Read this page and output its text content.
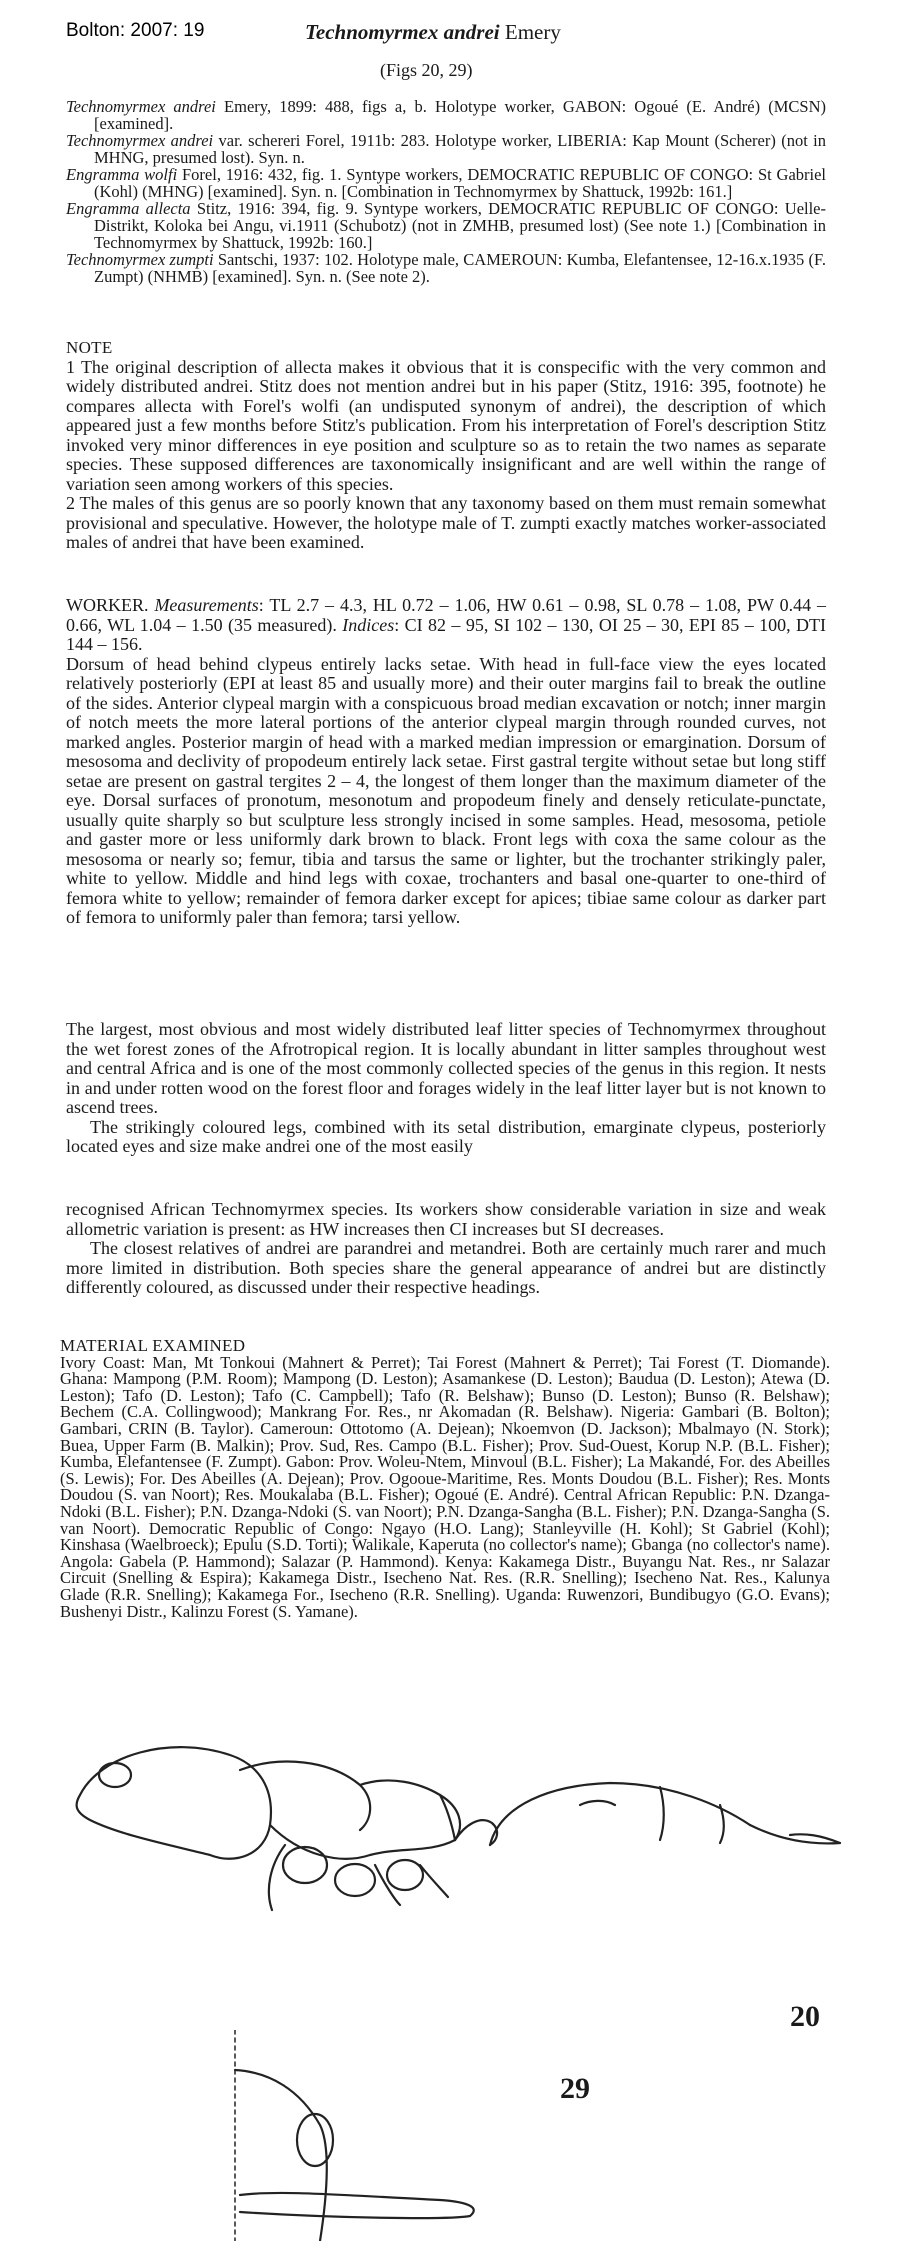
Bolton: 2007: 19	Technomyrmex andrei Emery
(Figs 20, 29)

Technomyrmex andrei Emery, 1899: 488, figs a, b. Holotype worker, GABON: Ogoué (E. André) (MCSN) [examined].

Technomyrmex andrei var. schereri Forel, 1911b: 283. Holotype worker, LIBERIA: Kap Mount (Scherer) (not in MHNG, presumed lost). Syn. n.

Engramma wolfi Forel, 1916: 432, fig. 1. Syntype workers, DEMOCRATIC REPUBLIC OF CONGO: St Gabriel (Kohl) (MHNG) [examined]. Syn. n. [Combination in Technomyrmex by Shattuck, 1992b: 161.]

Engramma allecta Stitz, 1916: 394, fig. 9. Syntype workers, DEMOCRATIC REPUBLIC OF CONGO: Uelle-Distrikt, Koloka bei Angu, vi.1911 (Schubotz) (not in ZMHB, presumed lost) (See note 1.) [Combination in Technomyrmex by Shattuck, 1992b: 160.]

Technomyrmex zumpti Santschi, 1937: 102. Holotype male, CAMEROUN: Kumba, Elefantensee, 12-16.x.1935 (F. Zumpt) (NHMB) [examined]. Syn. n. (See note 2).

NOTE

1 The original description of allecta makes it obvious that it is conspecific with the very common and widely distributed andrei. Stitz does not mention andrei but in his paper (Stitz, 1916: 395, footnote) he compares allecta with Forel's wolfi (an undisputed synonym of andrei), the description of which appeared just a few months before Stitz's publication. From his interpretation of Forel's description Stitz invoked very minor differences in eye position and sculpture so as to retain the two names as separate species. These supposed differences are taxonomically insignificant and are well within the range of variation seen among workers of this species.

2 The males of this genus are so poorly known that any taxonomy based on them must remain somewhat provisional and speculative. However, the holotype male of T. zumpti exactly matches worker-associated males of andrei that have been examined.

WORKER. Measurements: TL 2.7 – 4.3, HL 0.72 – 1.06, HW 0.61 – 0.98, SL 0.78 – 1.08, PW 0.44 – 0.66, WL 1.04 – 1.50 (35 measured). Indices: CI 82 – 95, SI 102 – 130, OI 25 – 30, EPI 85 – 100, DTI 144 – 156.

Dorsum of head behind clypeus entirely lacks setae. With head in full-face view the eyes located relatively posteriorly (EPI at least 85 and usually more) and their outer margins fail to break the outline of the sides. Anterior clypeal margin with a conspicuous broad median excavation or notch; inner margin of notch meets the more lateral portions of the anterior clypeal margin through rounded curves, not marked angles. Posterior margin of head with a marked median impression or emargination. Dorsum of mesosoma and declivity of propodeum entirely lack setae. First gastral tergite without setae but long stiff setae are present on gastral tergites 2 – 4, the longest of them longer than the maximum diameter of the eye. Dorsal surfaces of pronotum, mesonotum and propodeum finely and densely reticulate-punctate, usually quite sharply so but sculpture less strongly incised in some samples. Head, mesosoma, petiole and gaster more or less uniformly dark brown to black. Front legs with coxa the same colour as the mesosoma or nearly so; femur, tibia and tarsus the same or lighter, but the trochanter strikingly paler, white to yellow. Middle and hind legs with coxae, trochanters and basal one-quarter to one-third of femora white to yellow; remainder of femora darker except for apices; tibiae same colour as darker part of femora to uniformly paler than femora; tarsi yellow.

The largest, most obvious and most widely distributed leaf litter species of Technomyrmex throughout the wet forest zones of the Afrotropical region. It is locally abundant in litter samples throughout west and central Africa and is one of the most commonly collected species of the genus in this region. It nests in and under rotten wood on the forest floor and forages widely in the leaf litter layer but is not known to ascend trees.

The strikingly coloured legs, combined with its setal distribution, emarginate clypeus, posteriorly located eyes and size make andrei one of the most easily

recognised African Technomyrmex species. Its workers show considerable variation in size and weak allometric variation is present: as HW increases then CI increases but SI decreases.

The closest relatives of andrei are parandrei and metandrei. Both are certainly much rarer and much more limited in distribution. Both species share the general appearance of andrei but are distinctly differently coloured, as discussed under their respective headings.

MATERIAL EXAMINED

Ivory Coast: Man, Mt Tonkoui (Mahnert & Perret); Tai Forest (Mahnert & Perret); Tai Forest (T. Diomande). Ghana: Mampong (P.M. Room); Mampong (D. Leston); Asamankese (D. Leston); Baudua (D. Leston); Atewa (D. Leston); Tafo (D. Leston); Tafo (C. Campbell); Tafo (R. Belshaw); Bunso (D. Leston); Bunso (R. Belshaw); Bechem (C.A. Collingwood); Mankrang For. Res., nr Akomadan (R. Belshaw). Nigeria: Gambari (B. Bolton); Gambari, CRIN (B. Taylor). Cameroun: Ottotomo (A. Dejean); Nkoemvon (D. Jackson); Mbalmayo (N. Stork); Buea, Upper Farm (B. Malkin); Prov. Sud, Res. Campo (B.L. Fisher); Prov. Sud-Ouest, Korup N.P. (B.L. Fisher); Kumba, Elefantensee (F. Zumpt). Gabon: Prov. Woleu-Ntem, Minvoul (B.L. Fisher); La Makandé, For. des Abeilles (S. Lewis); For. Des Abeilles (A. Dejean); Prov. Ogooue-Maritime, Res. Monts Doudou (B.L. Fisher); Res. Monts Doudou (S. van Noort); Res. Moukalaba (B.L. Fisher); Ogoué (E. André). Central African Republic: P.N. Dzanga-Ndoki (B.L. Fisher); P.N. Dzanga-Ndoki (S. van Noort); P.N. Dzanga-Sangha (B.L. Fisher); P.N. Dzanga-Sangha (S. van Noort). Democratic Republic of Congo: Ngayo (H.O. Lang); Stanleyville (H. Kohl); St Gabriel (Kohl); Kinshasa (Waelbroeck); Epulu (S.D. Torti); Walikale, Kaperuta (no collector's name); Gbanga (no collector's name). Angola: Gabela (P. Hammond); Salazar (P. Hammond). Kenya: Kakamega Distr., Buyangu Nat. Res., nr Salazar Circuit (Snelling & Espira); Kakamega Distr., Isecheno Nat. Res. (R.R. Snelling); Isecheno Nat. Res., Kalunya Glade (R.R. Snelling); Kakamega For., Isecheno (R.R. Snelling). Uganda: Ruwenzori, Bundibugyo (G.O. Evans); Bushenyi Distr., Kalinzu Forest (S. Yamane).

20
29
